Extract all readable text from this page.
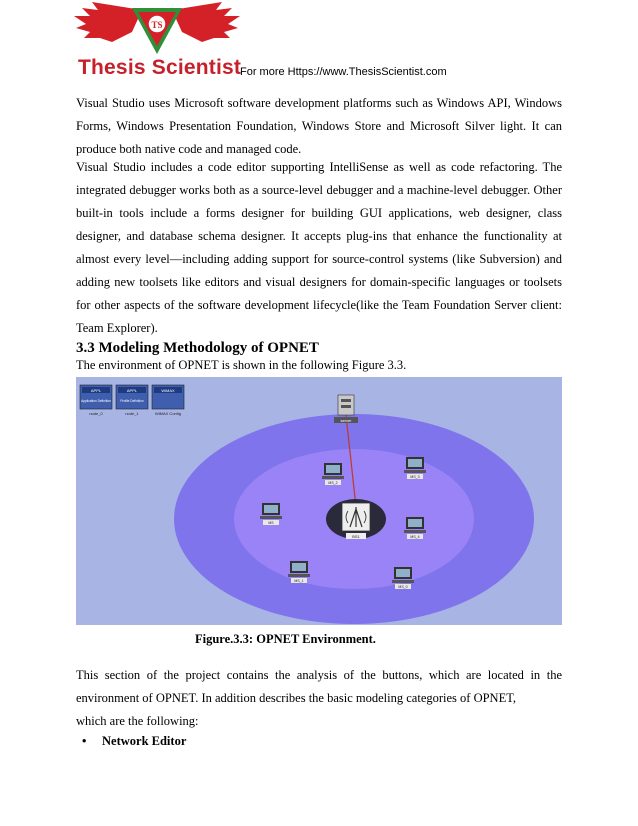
TS
Thesis Scientist
For more Https://www.ThesisScientist.com

Visual Studio uses Microsoft software development platforms such as Windows API, Windows Forms, Windows Presentation Foundation, Windows Store and Microsoft Silver light. It can produce both native code and managed code.

Visual Studio includes a code editor supporting IntelliSense as well as code refactoring. The integrated debugger works both as a source-level debugger and a machine-level debugger. Other built-in tools include a forms designer for building GUI applications, web designer, class designer, and database schema designer. It accepts plug-ins that enhance the functionality at almost every level—including adding support for source-control systems (like Subversion) and adding new toolsets like editors and visual designers for domain-specific languages or toolsets for other aspects of the software development lifecycle(like the Team Foundation Server client: Team Explorer).

3.3 Modeling Methodology of OPNET

The environment of OPNET is shown in the following Figure 3.3.

APPL
Application Definition
node_0
APPL
Profile Definition
node_1
WiMAX
WiMAX Config
server
BS1
MS_2
MS_3
MS
MS_4
MS_1
MS_0
Figure.3.3: OPNET Environment.

This section of the project contains the analysis of the buttons, which are located in the environment of OPNET. In addition describes the basic modeling categories of OPNET,

which are the following:

• Network Editor
